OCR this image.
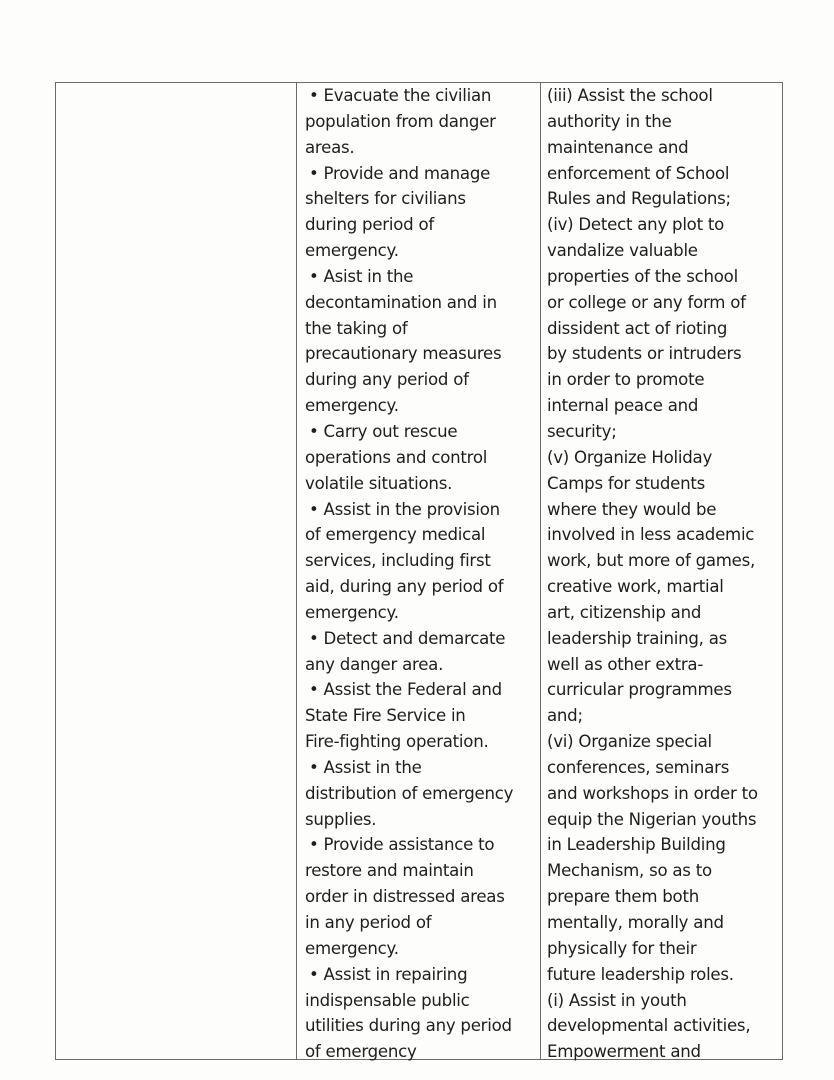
• Evacuate the civilian
population from danger
areas.
• Provide and manage
shelters for civilians
during period of
emergency.
• Asist in the
decontamination and in
the taking of
precautionary measures
during any period of
emergency.
• Carry out rescue
operations and control
volatile situations.
• Assist in the provision
of emergency medical
services, including first
aid, during any period of
emergency.
• Detect and demarcate
any danger area.
• Assist the Federal and
State Fire Service in
Fire-fighting operation.
• Assist in the
distribution of emergency
supplies.
• Provide assistance to
restore and maintain
order in distressed areas
in any period of
emergency.
• Assist in repairing
indispensable public
utilities during any period
of emergency
(iii) Assist the school
authority in the
maintenance and
enforcement of School
Rules and Regulations;
(iv) Detect any plot to
vandalize valuable
properties of the school
or college or any form of
dissident act of rioting
by students or intruders
in order to promote
internal peace and
security;
(v) Organize Holiday
Camps for students
where they would be
involved in less academic
work, but more of games,
creative work, martial
art, citizenship and
leadership training, as
well as other extra-
curricular programmes
and;
(vi) Organize special
conferences, seminars
and workshops in order to
equip the Nigerian youths
in Leadership Building
Mechanism, so as to
prepare them both
mentally, morally and
physically for their
future leadership roles.
(i) Assist in youth
developmental activities,
Empowerment and
